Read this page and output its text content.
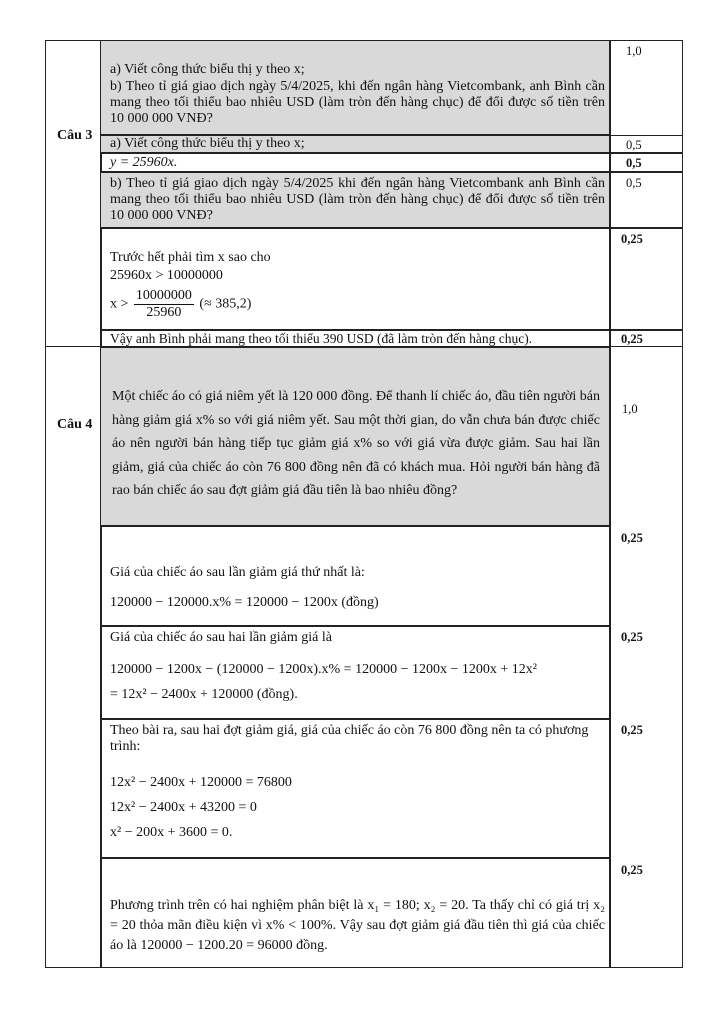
Câu 3
a) Viết công thức biểu thị y theo x;
b) Theo tỉ giá giao dịch ngày 5/4/2025, khi đến ngân hàng Vietcombank, anh Bình cần mang theo tối thiểu bao nhiêu USD (làm tròn đến hàng chục) để đổi được số tiền trên 10 000 000 VNĐ?
1,0
a) Viết công thức biểu thị y theo x;	0,5
y = 25960x.	0,5
b) Theo tỉ giá giao dịch ngày 5/4/2025 khi đến ngân hàng Vietcombank anh Bình cần mang theo tối thiểu bao nhiêu USD (làm tròn đến hàng chục) để đổi được số tiền trên 10 000 000 VNĐ?
0,5
Trước hết phải tìm x sao cho
25960x > 10000000
$x > \frac{10000000}{25960}$ (≈ 385,2)
0,25
Vậy anh Bình phải mang theo tối thiểu 390 USD (đã làm tròn đến hàng chục).	0,25
Câu 4
Một chiếc áo có giá niêm yết là 120 000 đồng. Để thanh lí chiếc áo, đầu tiên người bán hàng giảm giá x% so với giá niêm yết. Sau một thời gian, do vẫn chưa bán được chiếc áo nên người bán hàng tiếp tục giảm giá x% so với giá vừa được giảm. Sau hai lần giảm, giá của chiếc áo còn 76 800 đồng nên đã có khách mua. Hỏi người bán hàng đã rao bán chiếc áo sau đợt giảm giá đầu tiên là bao nhiêu đồng?
1,0
Giá của chiếc áo sau lần giảm giá thứ nhất là:
120000 − 120000.x% = 120000 − 1200x (đồng)
0,25
Giá của chiếc áo sau hai lần giảm giá là
120000 − 1200x − (120000 − 1200x).x% = 120000 − 1200x − 1200x + 12x²
= 12x² − 2400x + 120000 (đồng).
0,25
Theo bài ra, sau hai đợt giảm giá, giá của chiếc áo còn 76 800 đồng nên ta có phương trình:
12x² − 2400x + 120000 = 76800
12x² − 2400x + 43200 = 0
x² − 200x + 3600 = 0.
0,25
Phương trình trên có hai nghiệm phân biệt là x₁ = 180; x₂ = 20. Ta thấy chỉ có giá trị x₂ = 20 thỏa mãn điều kiện vì x% < 100%. Vậy sau đợt giảm giá đầu tiên thì giá của chiếc áo là 120000 − 1200.20 = 96000 đồng.
0,25
